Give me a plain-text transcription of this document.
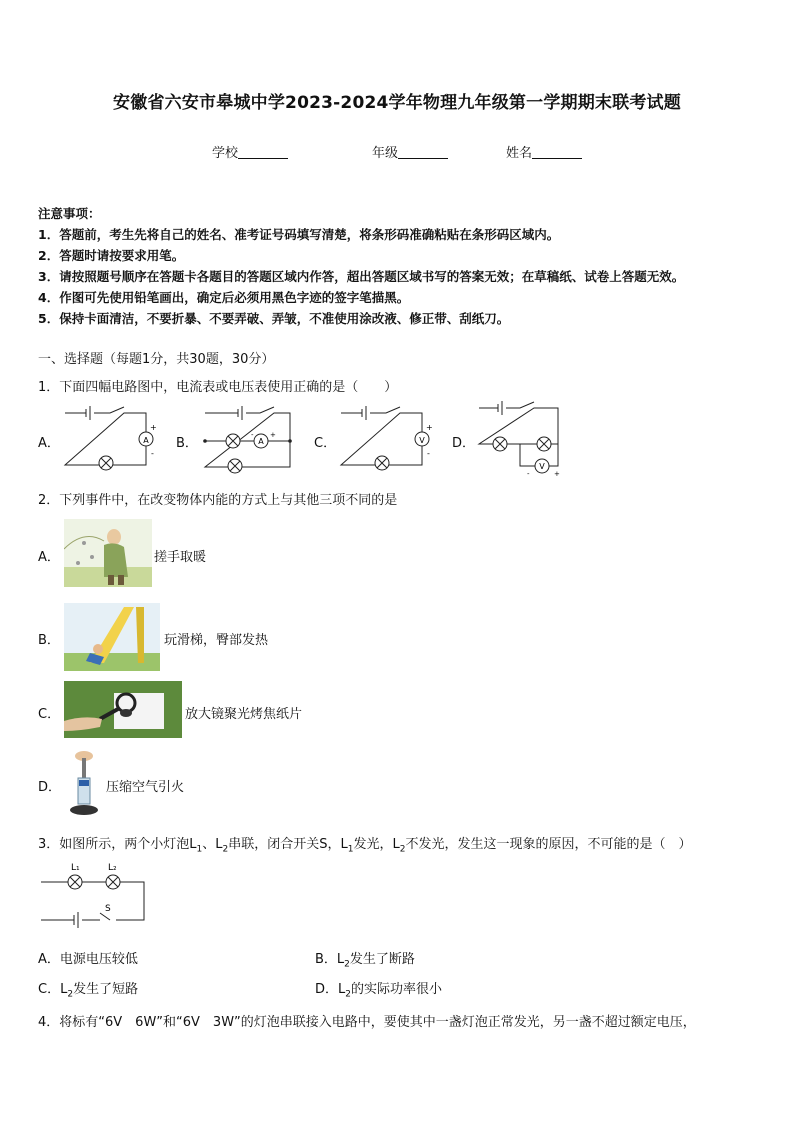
安徽省六安市皋城中学2023-2024学年物理九年级第一学期期末联考试题
学校	年级	姓名
注意事项：
1．答题前，考生先将自己的姓名、准考证号码填写清楚，将条形码准确粘贴在条形码区域内。
2．答题时请按要求用笔。
3．请按照题号顺序在答题卡各题目的答题区域内作答，超出答题区域书写的答案无效；在草稿纸、试卷上答题无效。
4．作图可先使用铅笔画出，确定后必须用黑色字迹的签字笔描黑。
5．保持卡面清洁，不要折暴、不要弄破、弄皱，不准使用涂改液、修正带、刮纸刀。
一、选择题（每题1分，共30题，30分）
1．下面四幅电路图中，电流表或电压表使用正确的是（　　）
A．	B．	C．	D．
A
+
-
A
- +
V
+
-
V
-	+
2．下列事件中，在改变物体内能的方式上与其他三项不同的是
A．	搓手取暖
B．	玩滑梯，臀部发热
C．	放大镜聚光烤焦纸片
D．	压缩空气引火
3．如图所示，两个小灯泡$L_1$、$L_2$串联，闭合开关S，$L_1$发光，$L_2$不发光，发生这一现象的原因，不可能的是（　）
L₁	L₂
S
A．电源电压较低	B．$L_2$发生了断路
C．$L_2$发生了短路	D．$L_2$的实际功率很小
4．将标有“6V　6W”和“6V　3W”的灯泡串联接入电路中，要使其中一盏灯泡正常发光，另一盏不超过额定电压，
